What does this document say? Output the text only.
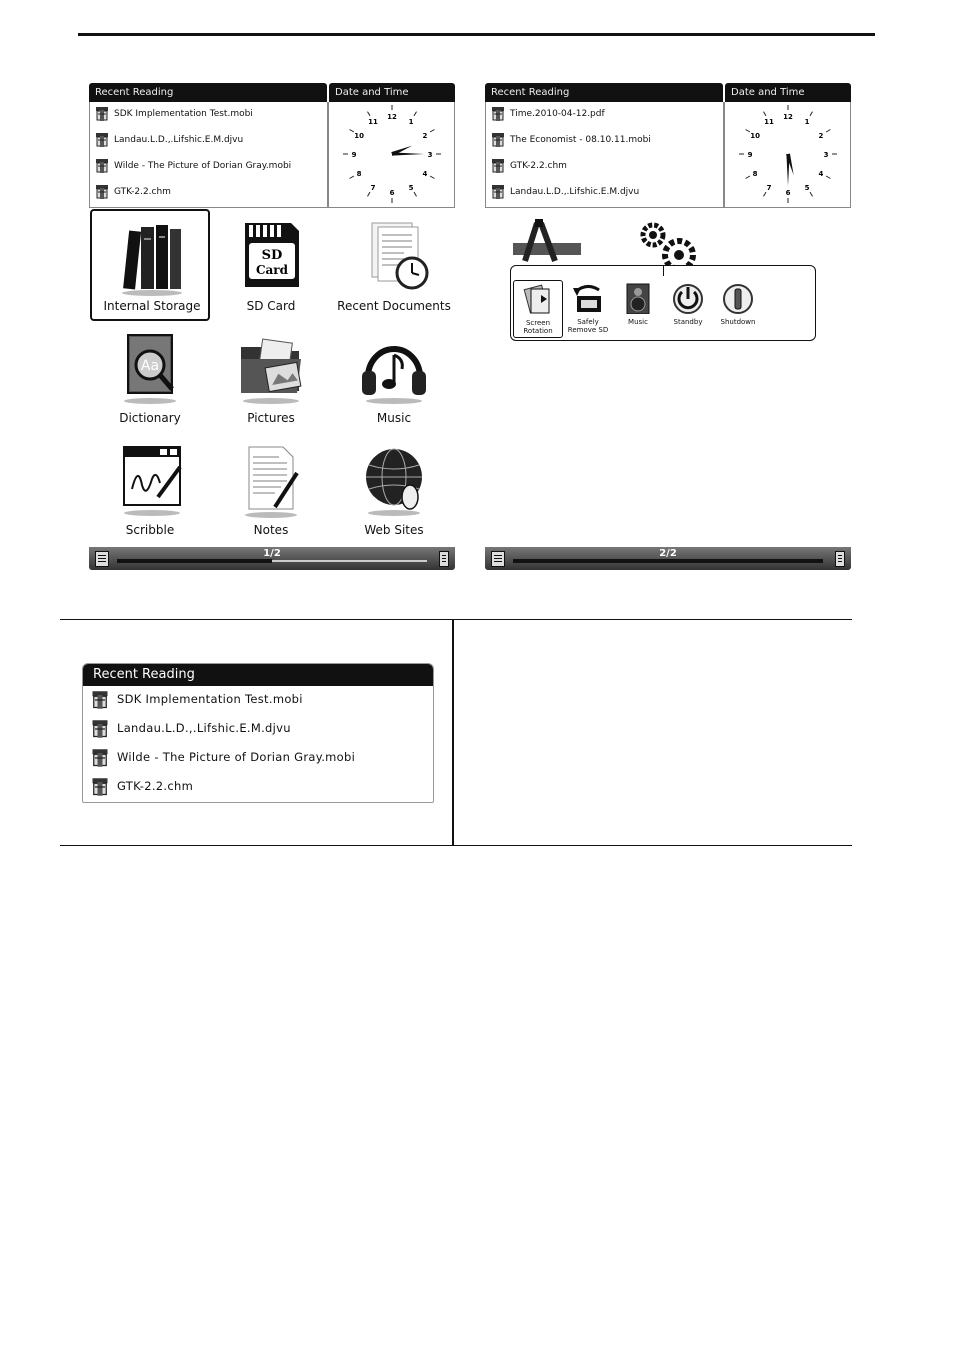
Recent Reading	Date and Time
SDK Implementation Test.mobi
Landau.L.D.,.Lifshic.E.M.djvu
Wilde - The Picture of Dorian Gray.mobi
GTK-2.2.chm
12
1
2
3
4
5
6
7
8
9
10
11
Internal Storage
SD
Card
SD Card	Recent Documents
Aa
Dictionary	Pictures	Music
Scribble	Notes	Web Sites
1/2
Recent Reading	Date and Time
Time.2010-04-12.pdf
The Economist - 08.10.11.mobi
GTK-2.2.chm
Landau.L.D.,.Lifshic.E.M.djvu
12
1
2
3
4
5
6
7
8
9
10
11
Screen Rotation
Safely Remove SD
Music	Standby	Shutdown
2/2
Recent Reading
SDK Implementation Test.mobi
Landau.L.D.,.Lifshic.E.M.djvu
Wilde - The Picture of Dorian Gray.mobi
GTK-2.2.chm
